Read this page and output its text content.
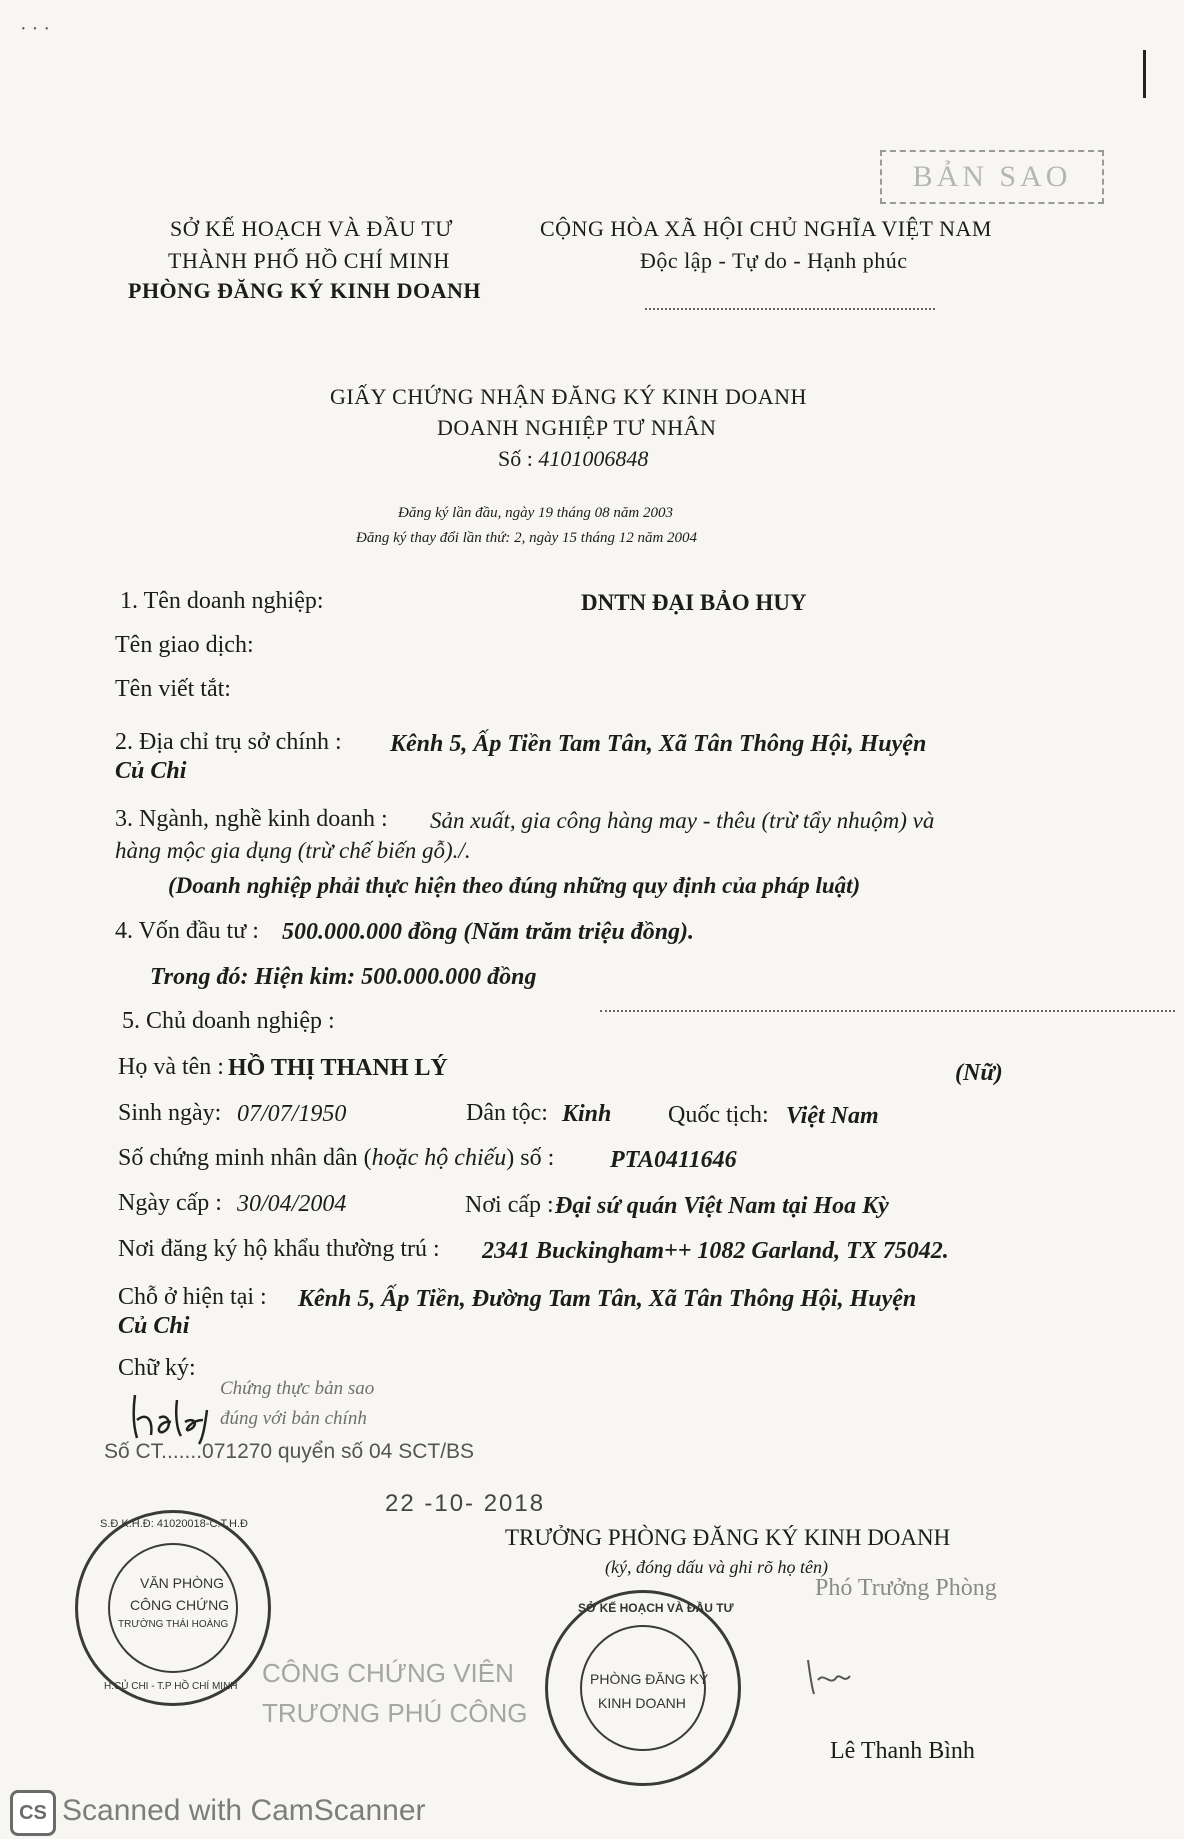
· · ·
BẢN SAO
SỞ KẾ HOẠCH VÀ ĐẦU TƯ
THÀNH PHỐ HỒ CHÍ MINH
PHÒNG ĐĂNG KÝ KINH DOANH
CỘNG HÒA XÃ HỘI CHỦ NGHĨA VIỆT NAM
Độc lập - Tự do - Hạnh phúc
GIẤY CHỨNG NHẬN ĐĂNG KÝ KINH DOANH
DOANH NGHIỆP TƯ NHÂN
Số : 4101006848
Đăng ký lần đầu, ngày 19 tháng 08 năm 2003
Đăng ký thay đổi lần thứ: 2, ngày 15 tháng 12 năm 2004
1. Tên doanh nghiệp:	DNTN ĐẠI BẢO HUY
Tên giao dịch:
Tên viết tắt:
2. Địa chỉ trụ sở chính : Kênh 5, Ấp Tiền Tam Tân, Xã Tân Thông Hội, Huyện
Củ Chi
3. Ngành, nghề kinh doanh : Sản xuất, gia công hàng may - thêu (trừ tẩy nhuộm) và
hàng mộc gia dụng (trừ chế biến gỗ)./.
(Doanh nghiệp phải thực hiện theo đúng những quy định của pháp luật)
4. Vốn đầu tư : 500.000.000 đồng (Năm trăm triệu đồng).
Trong đó: Hiện kim: 500.000.000 đồng
5. Chủ doanh nghiệp :
Họ và tên : HỒ THỊ THANH LÝ	(Nữ)
Sinh ngày: 07/07/1950	Dân tộc: Kinh Quốc tịch: Việt Nam
Số chứng minh nhân dân (hoặc hộ chiếu) số : PTA0411646
Ngày cấp : 30/04/2004	Nơi cấp : Đại sứ quán Việt Nam tại Hoa Kỳ
Nơi đăng ký hộ khẩu thường trú : 2341 Buckingham++ 1082 Garland, TX 75042.
Chỗ ở hiện tại : Kênh 5, Ấp Tiền, Đường Tam Tân, Xã Tân Thông Hội, Huyện
Củ Chi
Chữ ký:
Chứng thực bản sao
đúng với bản chính
Số CT.......071270 quyển số 04 SCT/BS
22 -10- 2018
TRƯỞNG PHÒNG ĐĂNG KÝ KINH DOANH
(ký, đóng dấu và ghi rõ họ tên)
Phó Trưởng Phòng
Lê Thanh Bình
S.Đ.K.H.Đ: 41020018-C.T.H.Đ
VĂN PHÒNG
CÔNG CHỨNG
TRƯỜNG THÁI HOÀNG
H.CỦ CHI - T.P HỒ CHÍ MINH CÔNG CHỨNG VIÊN
TRƯƠNG PHÚ CÔNG
SỞ KẾ HOẠCH VÀ ĐẦU TƯ
PHÒNG ĐĂNG KÝ
KINH DOANH
CS Scanned with CamScanner
